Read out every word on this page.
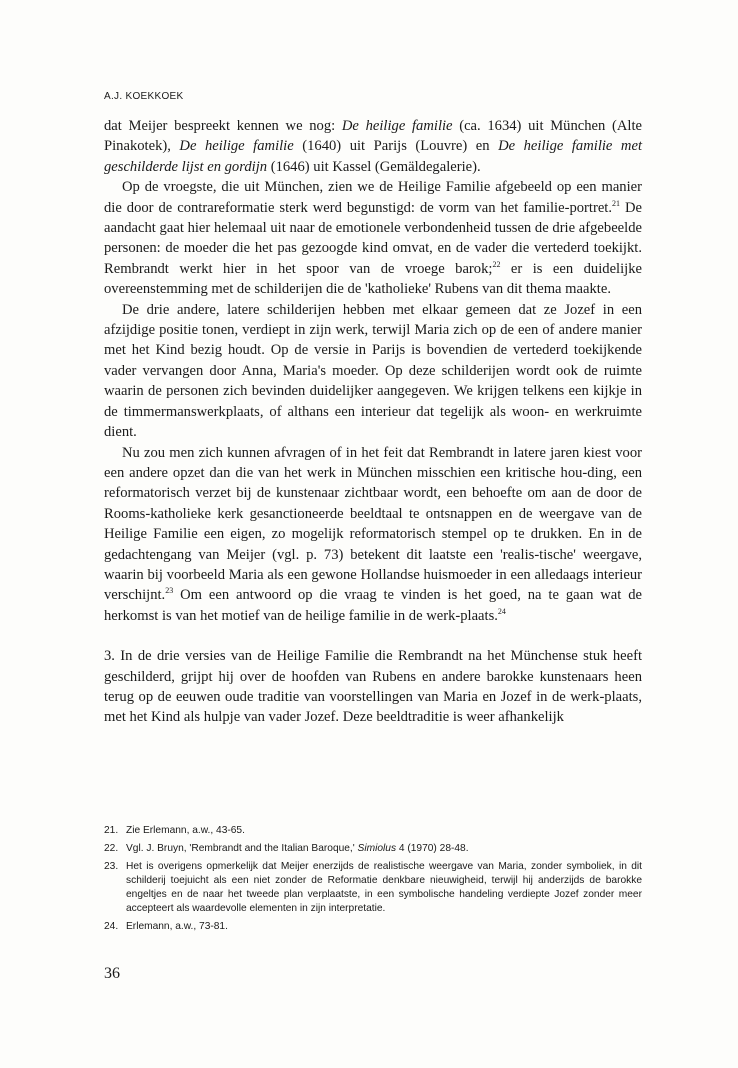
A.J. KOEKKOEK

dat Meijer bespreekt kennen we nog: De heilige familie (ca. 1634) uit München (Alte Pinakotek), De heilige familie (1640) uit Parijs (Louvre) en De heilige familie met geschilderde lijst en gordijn (1646) uit Kassel (Gemäldegalerie).

Op de vroegste, die uit München, zien we de Heilige Familie afgebeeld op een manier die door de contrareformatie sterk werd begunstigd: de vorm van het familie-portret.$^{21}$ De aandacht gaat hier helemaal uit naar de emotionele verbondenheid tussen de drie afgebeelde personen: de moeder die het pas gezoogde kind omvat, en de vader die vertederd toekijkt. Rembrandt werkt hier in het spoor van de vroege barok;$^{22}$ er is een duidelijke overeenstemming met de schilderijen die de 'katholieke' Rubens van dit thema maakte.

De drie andere, latere schilderijen hebben met elkaar gemeen dat ze Jozef in een afzijdige positie tonen, verdiept in zijn werk, terwijl Maria zich op de een of andere manier met het Kind bezig houdt. Op de versie in Parijs is bovendien de vertederd toekijkende vader vervangen door Anna, Maria's moeder. Op deze schilderijen wordt ook de ruimte waarin de personen zich bevinden duidelijker aangegeven. We krijgen telkens een kijkje in de timmermanswerkplaats, of althans een interieur dat tegelijk als woon- en werkruimte dient.

Nu zou men zich kunnen afvragen of in het feit dat Rembrandt in latere jaren kiest voor een andere opzet dan die van het werk in München misschien een kritische hou-ding, een reformatorisch verzet bij de kunstenaar zichtbaar wordt, een behoefte om aan de door de Rooms-katholieke kerk gesanctioneerde beeldtaal te ontsnappen en de weergave van de Heilige Familie een eigen, zo mogelijk reformatorisch stempel op te drukken. En in de gedachtengang van Meijer (vgl. p. 73) betekent dit laatste een 'realis-tische' weergave, waarin bij voorbeeld Maria als een gewone Hollandse huismoeder in een alledaags interieur verschijnt.$^{23}$ Om een antwoord op die vraag te vinden is het goed, na te gaan wat de herkomst is van het motief van de heilige familie in de werk-plaats.$^{24}$

3. In de drie versies van de Heilige Familie die Rembrandt na het Münchense stuk heeft geschilderd, grijpt hij over de hoofden van Rubens en andere barokke kunstenaars heen terug op de eeuwen oude traditie van voorstellingen van Maria en Jozef in de werk-plaats, met het Kind als hulpje van vader Jozef. Deze beeldtraditie is weer afhankelijk

21. Zie Erlemann, a.w., 43-65.
22. Vgl. J. Bruyn, 'Rembrandt and the Italian Baroque,' Simiolus 4 (1970) 28-48.
23. Het is overigens opmerkelijk dat Meijer enerzijds de realistische weergave van Maria, zonder symboliek, in dit schilderij toejuicht als een niet zonder de Reformatie denkbare nieuwigheid, terwijl hij anderzijds de barokke engeltjes en de naar het tweede plan verplaatste, in een symbolische handeling verdiepte Jozef zonder meer accepteert als waardevolle elementen in zijn interpretatie.
24. Erlemann, a.w., 73-81.
36
